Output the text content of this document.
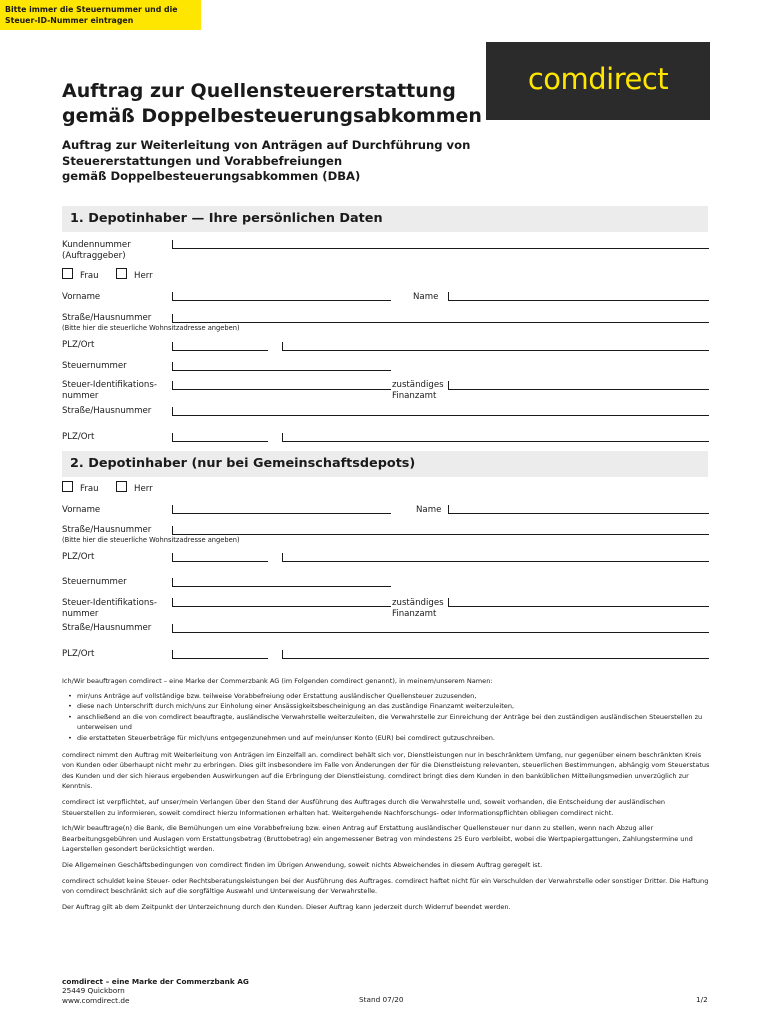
comdirect
Auftrag zur Quellensteuererstattung
gemäß Doppelbesteuerungsabkommen
Auftrag zur Weiterleitung von Anträgen auf Durchführung von
Steuererstattungen und Vorabbefreiungen
gemäß Doppelbesteuerungsabkommen (DBA)
1. Depotinhaber — Ihre persönlichen Daten
Bitte immer die Steuernummer und die
Steuer-ID-Nummer eintragen
Kundennummer
(Auftraggeber)
Frau	Herr
Vorname	Name
Straße/Hausnummer
(Bitte hier die steuerliche Wohnsitzadresse angeben)
PLZ/Ort
Steuernummer
Steuer-Identifikations-
nummer
zuständiges
Finanzamt
Straße/Hausnummer
PLZ/Ort
2. Depotinhaber (nur bei Gemeinschaftsdepots)
Frau	Herr
Vorname	Name
Straße/Hausnummer
(Bitte hier die steuerliche Wohnsitzadresse angeben)
PLZ/Ort
Steuernummer
Steuer-Identifikations-
nummer
zuständiges
Finanzamt
Straße/Hausnummer
PLZ/Ort

Ich/Wir beauftragen comdirect – eine Marke der Commerzbank AG (im Folgenden comdirect genannt), in meinem/unserem Namen:

• mir/uns Anträge auf vollständige bzw. teilweise Vorabbefreiung oder Erstattung ausländischer Quellensteuer zuzusenden,
• diese nach Unterschrift durch mich/uns zur Einholung einer Ansässigkeitsbescheinigung an das zuständige Finanzamt weiterzuleiten,
• anschließend an die von comdirect beauftragte, ausländische Verwahrstelle weiterzuleiten, die Verwahrstelle zur Einreichung der Anträge bei den zuständigen ausländischen Steuerstellen zu unterweisen und
• die erstatteten Steuerbeträge für mich/uns entgegenzunehmen und auf mein/unser Konto (EUR) bei comdirect gutzuschreiben.

comdirect nimmt den Auftrag mit Weiterleitung von Anträgen im Einzelfall an. comdirect behält sich vor, Dienstleistungen nur in beschränktem Umfang, nur gegenüber einem beschränkten Kreis von Kunden oder überhaupt nicht mehr zu erbringen. Dies gilt insbesondere im Falle von Änderungen der für die Dienstleistung relevanten, steuerlichen Bestimmungen, abhängig vom Steuerstatus des Kunden und der sich hieraus ergebenden Auswirkungen auf die Erbringung der Dienstleistung. comdirect bringt dies dem Kunden in den bankúblichen Mitteilungsmedien unverzüglich zur Kenntnis.

comdirect ist verpflichtet, auf unser/mein Verlangen über den Stand der Ausführung des Auftrages durch die Verwahrstelle und, soweit vorhanden, die Entscheidung der ausländischen Steuerstellen zu informieren, soweit comdirect hierzu Informationen erhalten hat. Weitergehende Nachforschungs- oder Informationspflichten obliegen comdirect nicht.

Ich/Wir beauftrage(n) die Bank, die Bemühungen um eine Vorabbefreiung bzw. einen Antrag auf Erstattung ausländischer Quellensteuer nur dann zu stellen, wenn nach Abzug aller Bearbeitungsgebühren und Auslagen vom Erstattungsbetrag (Bruttobetrag) ein angemessener Betrag von mindestens 25 Euro verbleibt, wobei die Wertpapiergattungen, Zahlungstermine und Lagerstellen gesondert berücksichtigt werden.

Die Allgemeinen Geschäftsbedingungen von comdirect finden im Übrigen Anwendung, soweit nichts Abweichendes in diesem Auftrag geregelt ist.

comdirect schuldet keine Steuer- oder Rechtsberatungsleistungen bei der Ausführung des Auftrages. comdirect haftet nicht für ein Verschulden der Verwahrstelle oder sonstiger Dritter. Die Haftung von comdirect beschränkt sich auf die sorgfältige Auswahl und Unterweisung der Verwahrstelle.

Der Auftrag gilt ab dem Zeitpunkt der Unterzeichnung durch den Kunden. Dieser Auftrag kann jederzeit durch Widerruf beendet werden.

comdirect – eine Marke der Commerzbank AG
25449 Quickborn
www.comdirect.de	Stand 07/20	1/2
